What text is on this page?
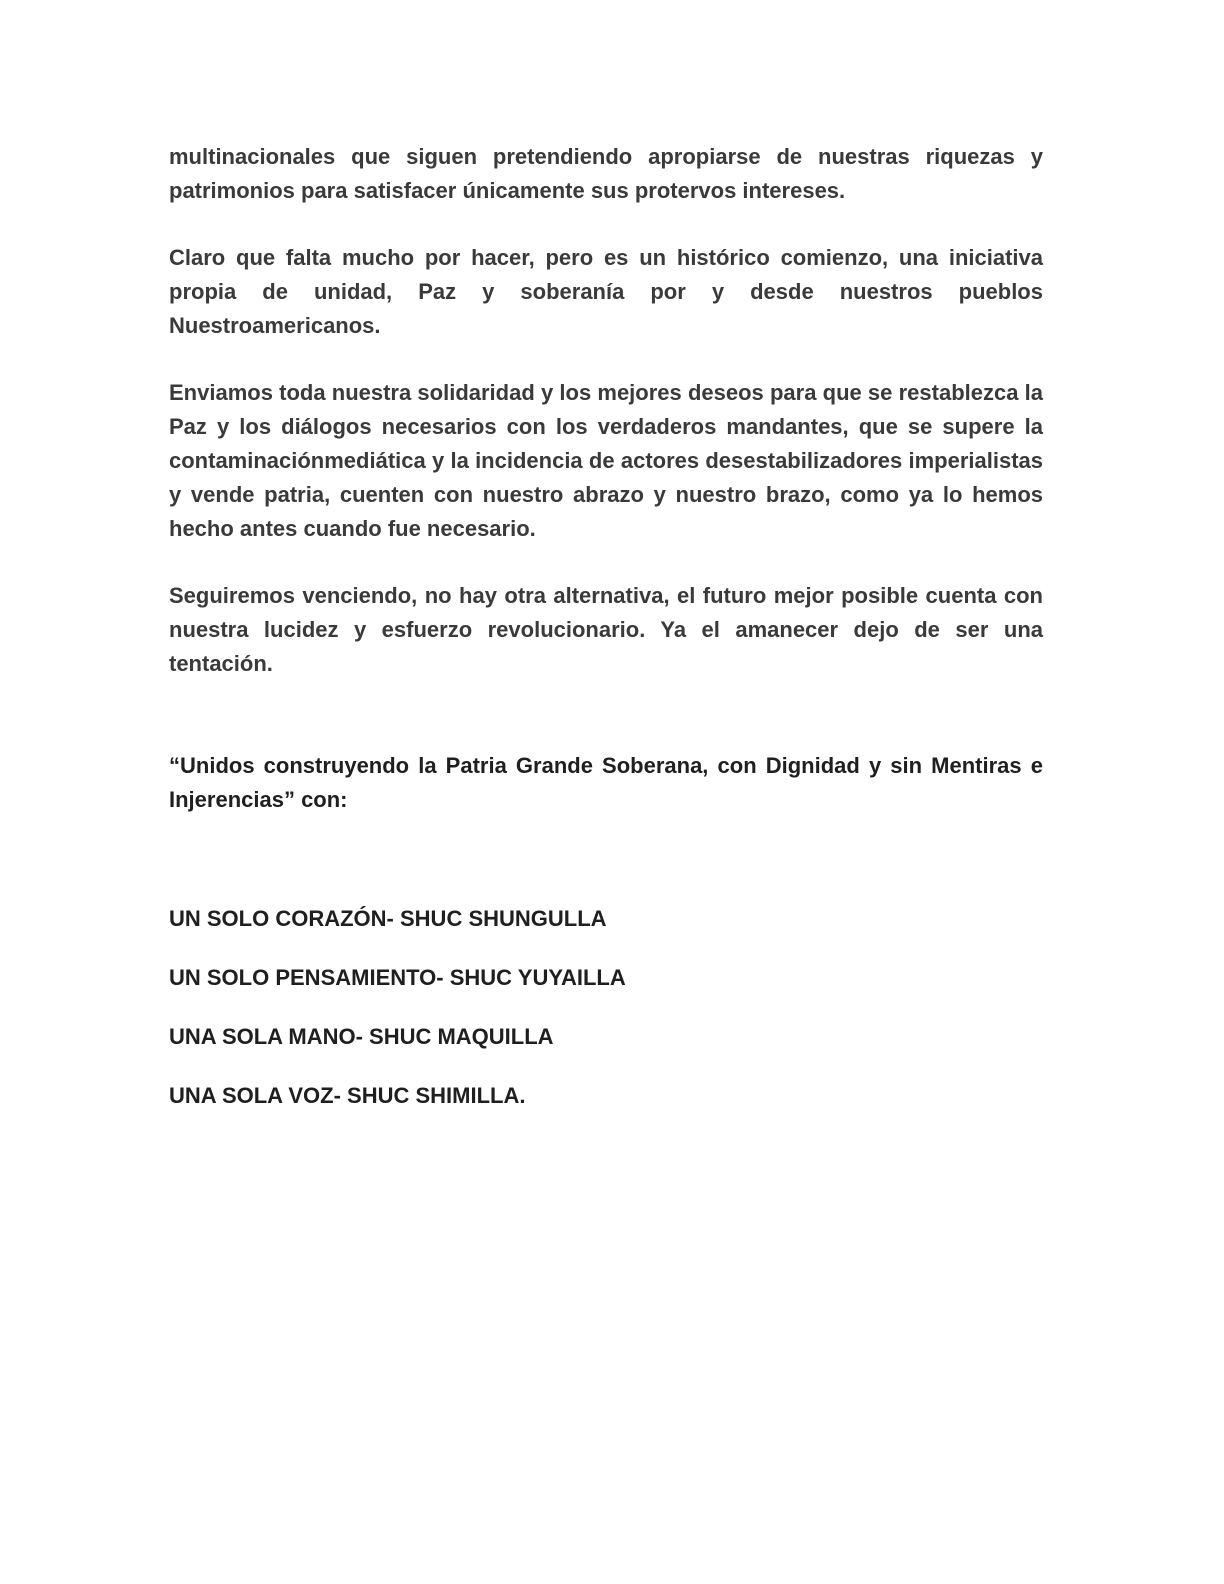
multinacionales que siguen pretendiendo apropiarse de nuestras riquezas y patrimonios para satisfacer únicamente sus protervos intereses.

Claro que falta mucho por hacer, pero es un histórico comienzo, una iniciativa propia de unidad, Paz y soberanía por y desde nuestros pueblos Nuestroamericanos.

Enviamos toda nuestra solidaridad y los mejores deseos para que se restablezca la Paz y los diálogos necesarios con los verdaderos mandantes, que se supere la contaminaciónmediática y la incidencia de actores desestabilizadores imperialistas y vende patria, cuenten con nuestro abrazo y nuestro brazo, como ya lo hemos hecho antes cuando fue necesario.

Seguiremos venciendo, no hay otra alternativa, el futuro mejor posible cuenta con nuestra lucidez y esfuerzo revolucionario. Ya el amanecer dejo de ser una tentación.

“Unidos construyendo la Patria Grande Soberana, con Dignidad y sin Mentiras e Injerencias” con:

UN SOLO CORAZÓN- SHUC SHUNGULLA

UN SOLO PENSAMIENTO- SHUC YUYAILLA

UNA SOLA MANO- SHUC MAQUILLA

UNA SOLA VOZ- SHUC SHIMILLA.
